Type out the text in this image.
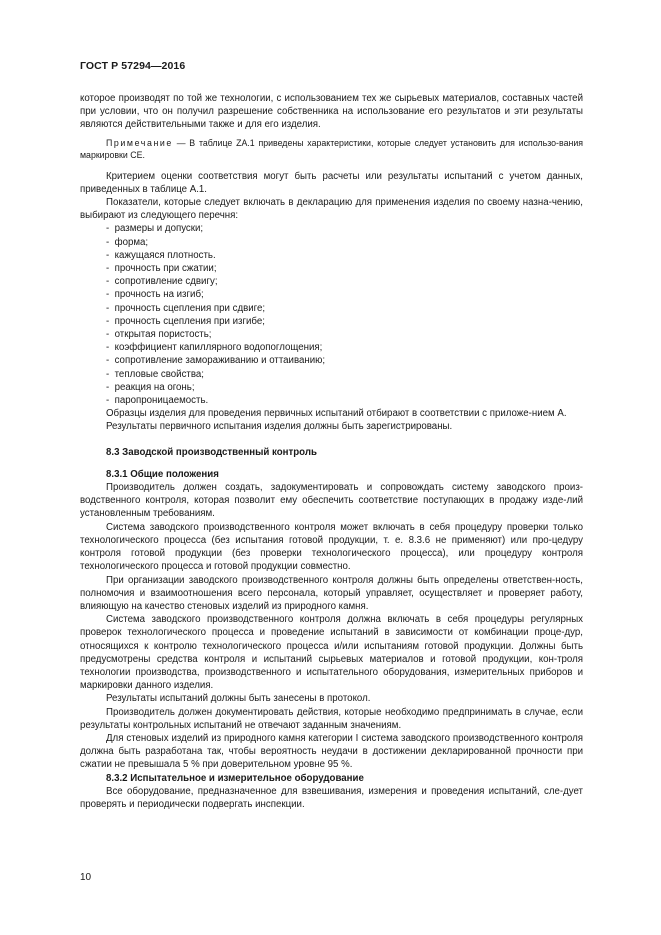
ГОСТ Р 57294—2016

которое производят по той же технологии, с использованием тех же сырьевых материалов, составных частей при условии, что он получил разрешение собственника на использование его результатов и эти результаты являются действительными также и для его изделия.

Примечание — В таблице ZA.1 приведены характеристики, которые следует установить для использо-вания маркировки CE.

Критерием оценки соответствия могут быть расчеты или результаты испытаний с учетом данных, приведенных в таблице А.1.

Показатели, которые следует включать в декларацию для применения изделия по своему назна-чению, выбирают из следующего перечня:

-  размеры и допуски;
-  форма;
-  кажущаяся плотность.
-  прочность при сжатии;
-  сопротивление сдвигу;
-  прочность на изгиб;
-  прочность сцепления при сдвиге;
-  прочность сцепления при изгибе;
-  открытая пористость;
-  коэффициент капиллярного водопоглощения;
-  сопротивление замораживанию и оттаиванию;
-  тепловые свойства;
-  реакция на огонь;
-  паропроницаемость.

Образцы изделия для проведения первичных испытаний отбирают в соответствии с приложе-нием А.

Результаты первичного испытания изделия должны быть зарегистрированы.

8.3 Заводской производственный контроль

8.3.1 Общие положения

Производитель должен создать, задокументировать и сопровождать систему заводского произ-водственного контроля, которая позволит ему обеспечить соответствие поступающих в продажу изде-лий установленным требованиям.

Система заводского производственного контроля может включать в себя процедуру проверки только технологического процесса (без испытания готовой продукции, т. е. 8.3.6 не применяют) или про-цедуру контроля готовой продукции (без проверки технологического процесса), или процедуру контроля технологического процесса и готовой продукции совместно.

При организации заводского производственного контроля должны быть определены ответствен-ность, полномочия и взаимоотношения всего персонала, который управляет, осуществляет и проверяет работу, влияющую на качество стеновых изделий из природного камня.

Система заводского производственного контроля должна включать в себя процедуры регулярных проверок технологического процесса и проведение испытаний в зависимости от комбинации проце-дур, относящихся к контролю технологического процесса и/или испытаниям готовой продукции. Должны быть предусмотрены средства контроля и испытаний сырьевых материалов и готовой продукции, кон-троля технологии производства, производственного и испытательного оборудования, измерительных приборов и маркировки данного изделия.

Результаты испытаний должны быть занесены в протокол.

Производитель должен документировать действия, которые необходимо предпринимать в случае, если результаты контрольных испытаний не отвечают заданным значениям.

Для стеновых изделий из природного камня категории I система заводского производственного контроля должна быть разработана так, чтобы вероятность неудачи в достижении декларированной прочности при сжатии не превышала 5 % при доверительном уровне 95 %.

8.3.2 Испытательное и измерительное оборудование

Все оборудование, предназначенное для взвешивания, измерения и проведения испытаний, сле-дует проверять и периодически подвергать инспекции.

10
